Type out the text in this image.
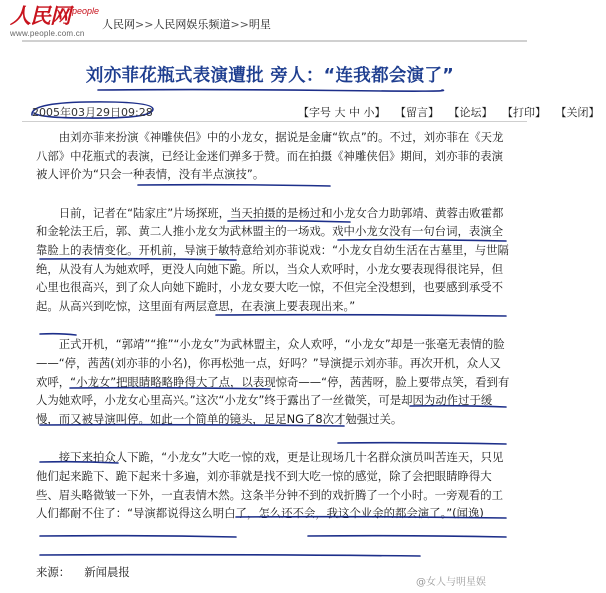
人民网 people
www.people.com.cn
人民网>>人民网娱乐频道>>明星
刘亦菲花瓶式表演遭批 旁人：“连我都会演了”
2005年03月29日09:28	【字号 大 中 小】 【留言】 【论坛】 【打印】 【关闭】

　　由刘亦菲来扮演《神雕侠侣》中的小龙女，据说是金庸“钦点”的。不过，刘亦菲在《天龙八部》中花瓶式的表演，已经让金迷们弹多于赞。而在拍摄《神雕侠侣》期间，刘亦菲的表演被人评价为“只会一种表情，没有半点演技”。

　　日前，记者在“陆家庄”片场探班，当天拍摄的是杨过和小龙女合力助郭靖、黄蓉击败霍都和金轮法王后，郭、黄二人推小龙女为武林盟主的一场戏。戏中小龙女没有一句台词，表演全靠脸上的表情变化。开机前，导演于敏特意给刘亦菲说戏：“小龙女自幼生活在古墓里，与世隔绝，从没有人为她欢呼，更没人向她下跪。所以，当众人欢呼时，小龙女要表现得很诧异，但心里也很高兴，到了众人向她下跪时，小龙女要大吃一惊，不但完全没想到，也要感到承受不起。从高兴到吃惊，这里面有两层意思，在表演上要表现出来。”

　　正式开机，“郭靖”“推”“小龙女”为武林盟主，众人欢呼，“小龙女”却是一张毫无表情的脸——“停，茜茜(刘亦菲的小名)，你再松弛一点，好吗？”导演提示刘亦菲。再次开机，众人又欢呼，“小龙女”把眼睛略略睁得大了点，以表现惊奇——“停，茜茜呀，脸上要带点笑，看到有人为她欢呼，小龙女心里高兴。”这次“小龙女”终于露出了一丝微笑，可是却因为动作过于缓慢，而又被导演叫停。如此一个简单的镜头，足足NG了8次才勉强过关。

　　接下来拍众人下跪，“小龙女”大吃一惊的戏，更是让现场几十名群众演员叫苦连天，只见他们起来跪下、跪下起来十多遍，刘亦菲就是找不到大吃一惊的感觉，除了会把眼睛睁得大些、眉头略微皱一下外，一直表情木然。这条半分钟不到的戏折腾了一个小时。一旁观看的工人们都耐不住了：“导演都说得这么明白了，怎么还不会，我这个业余的都会演了。”(闻逸)

来源： 新闻晨报
@女人与明星娱
